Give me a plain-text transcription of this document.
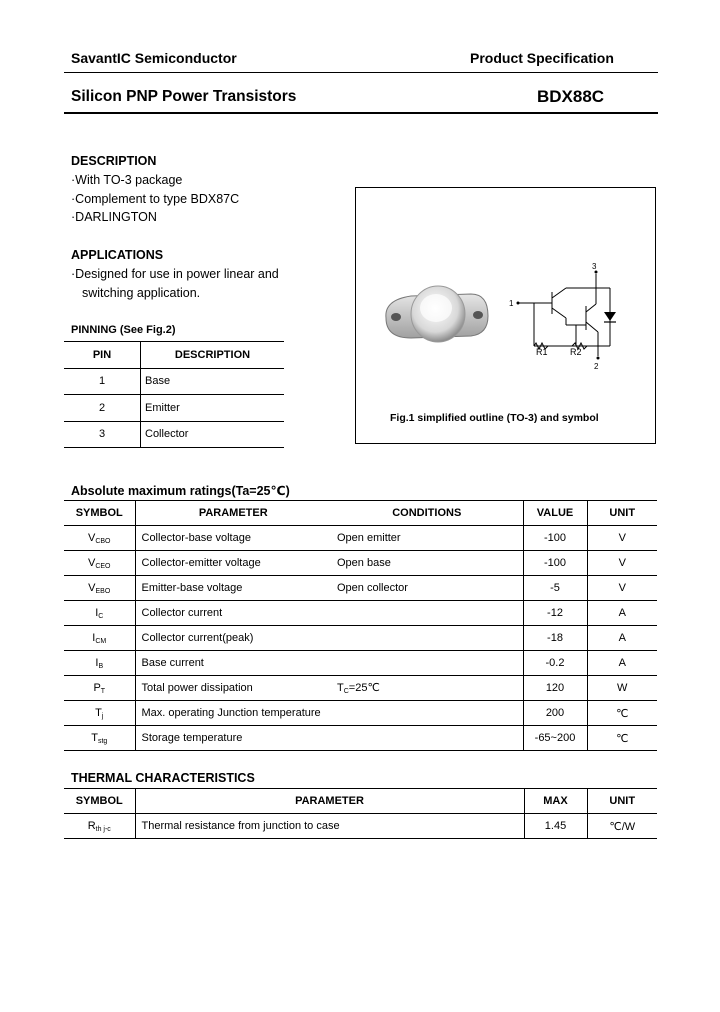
SavantIC Semiconductor	Product Specification
Silicon PNP Power Transistors	BDX88C
DESCRIPTION
·With TO-3 package
·Complement to type BDX87C
·DARLINGTON
APPLICATIONS
·Designed for use in power linear and
switching application.
PINNING (See Fig.2)
PIN	DESCRIPTION
1	Base
2	Emitter
3	Collector
3
1
2
R1 R2
Fig.1 simplified outline (TO-3) and symbol
Absolute maximum ratings(Ta=25℃)
SYMBOL	PARAMETER	CONDITIONS	VALUE	UNIT
$V_{CBO}$	Collector-base voltage	Open emitter	-100	V
$V_{CEO}$	Collector-emitter voltage	Open base	-100	V
$V_{EBO}$	Emitter-base voltage	Open collector	-5	V
$I_C$	Collector current		-12	A
$I_{CM}$	Collector current(peak)		-18	A
$I_B$	Base current		-0.2	A
$P_T$	Total power dissipation	$T_C=25℃$	120	W
$T_j$	Max. operating Junction temperature		200	℃
$T_{stg}$	Storage temperature		-65~200	℃
THERMAL CHARACTERISTICS
SYMBOL	PARAMETER	MAX	UNIT
$R_{th j-c}$	Thermal resistance from junction to case	1.45	℃/W
